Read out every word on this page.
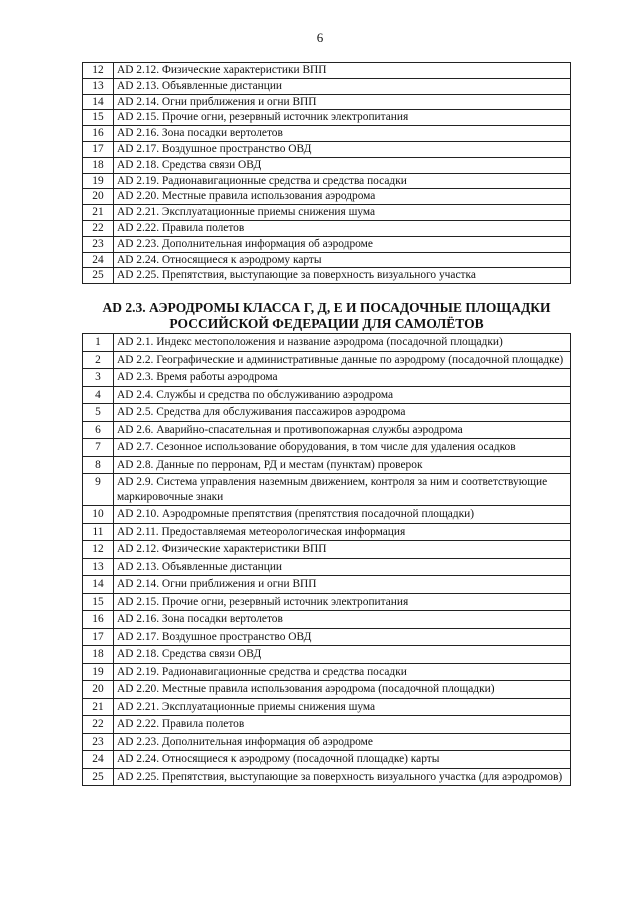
6
12	AD 2.12. Физические характеристики ВПП
13	AD 2.13. Объявленные дистанции
14	AD 2.14. Огни приближения и огни ВПП
15	AD 2.15. Прочие огни, резервный источник электропитания
16	AD 2.16. Зона посадки вертолетов
17	AD 2.17. Воздушное пространство ОВД
18	AD 2.18. Средства связи ОВД
19	AD 2.19. Радионавигационные средства и средства посадки
20	AD 2.20. Местные правила использования аэродрома
21	AD 2.21. Эксплуатационные приемы снижения шума
22	AD 2.22. Правила полетов
23	AD 2.23. Дополнительная информация об аэродроме
24	AD 2.24. Относящиеся к аэродрому карты
25	AD 2.25. Препятствия, выступающие за поверхность визуального участка
AD 2.3. АЭРОДРОМЫ КЛАССА Г, Д, Е И ПОСАДОЧНЫЕ ПЛОЩАДКИ
РОССИЙСКОЙ ФЕДЕРАЦИИ ДЛЯ САМОЛЁТОВ
1	AD 2.1. Индекс местоположения и название аэродрома (посадочной площадки)
2	AD 2.2. Географические и административные данные по аэродрому (посадочной площадке)
3	AD 2.3. Время работы аэродрома
4	AD 2.4. Службы и средства по обслуживанию аэродрома
5	AD 2.5. Средства для обслуживания пассажиров аэродрома
6	AD 2.6. Аварийно-спасательная и противопожарная службы аэродрома
7	AD 2.7. Сезонное использование оборудования, в том числе для удаления осадков
8	AD 2.8. Данные по перронам, РД и местам (пунктам) проверок
9	AD 2.9. Система управления наземным движением, контроля за ним и соответствующие маркировочные знаки
10	AD 2.10. Аэродромные препятствия (препятствия посадочной площадки)
11	AD 2.11. Предоставляемая метеорологическая информация
12	AD 2.12. Физические характеристики ВПП
13	AD 2.13. Объявленные дистанции
14	AD 2.14. Огни приближения и огни ВПП
15	AD 2.15. Прочие огни, резервный источник электропитания
16	AD 2.16. Зона посадки вертолетов
17	AD 2.17. Воздушное пространство ОВД
18	AD 2.18. Средства связи ОВД
19	AD 2.19. Радионавигационные средства и средства посадки
20	AD 2.20. Местные правила использования аэродрома (посадочной площадки)
21	AD 2.21. Эксплуатационные приемы снижения шума
22	AD 2.22. Правила полетов
23	AD 2.23. Дополнительная информация об аэродроме
24	AD 2.24. Относящиеся к аэродрому (посадочной площадке) карты
25	AD 2.25. Препятствия, выступающие за поверхность визуального участка (для аэродромов)
